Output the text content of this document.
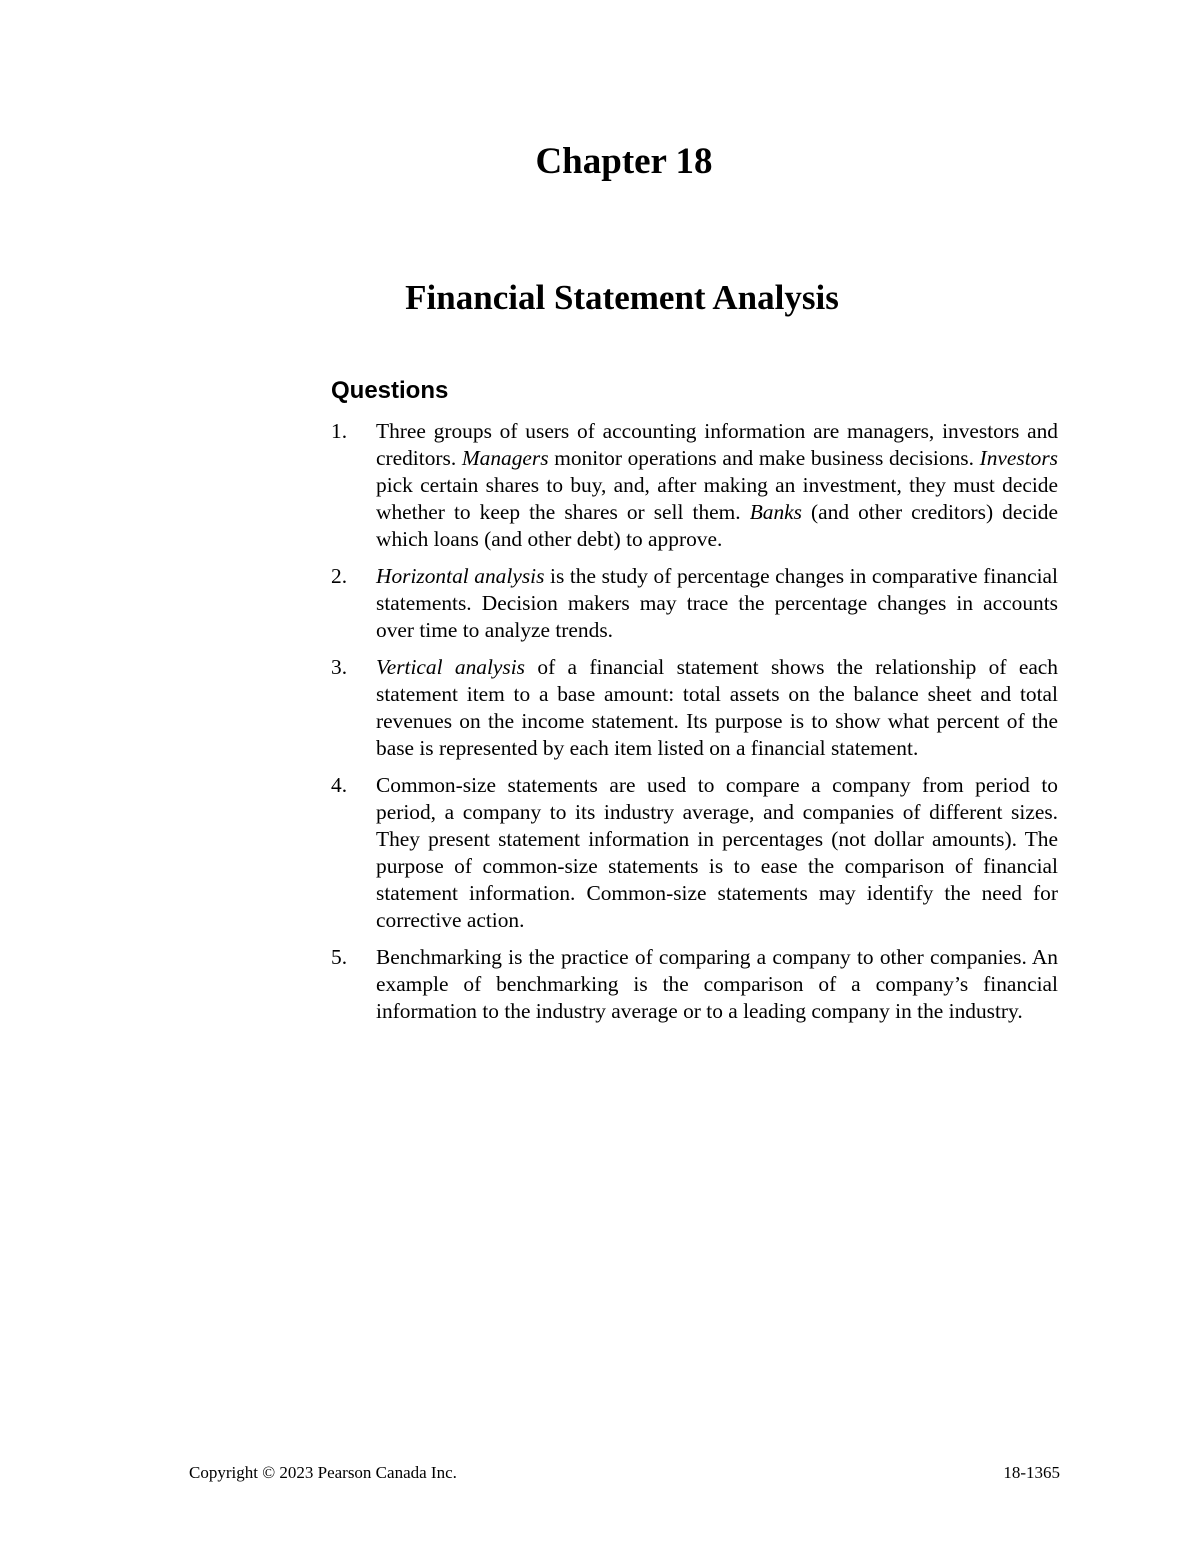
Chapter 18
Financial Statement Analysis
Questions
1. Three groups of users of accounting information are managers, investors and creditors. Managers monitor operations and make business decisions. Investors pick certain shares to buy, and, after making an investment, they must decide whether to keep the shares or sell them. Banks (and other creditors) decide which loans (and other debt) to approve.
2. Horizontal analysis is the study of percentage changes in comparative financial statements. Decision makers may trace the percentage changes in accounts over time to analyze trends.
3. Vertical analysis of a financial statement shows the relationship of each statement item to a base amount: total assets on the balance sheet and total revenues on the income statement. Its purpose is to show what percent of the base is represented by each item listed on a financial statement.
4. Common-size statements are used to compare a company from period to period, a company to its industry average, and companies of different sizes. They present statement information in percentages (not dollar amounts). The purpose of common-size statements is to ease the comparison of financial statement information. Common-size statements may identify the need for corrective action.
5. Benchmarking is the practice of comparing a company to other companies. An example of benchmarking is the comparison of a company’s financial information to the industry average or to a leading company in the industry.
Copyright © 2023 Pearson Canada Inc.	18-1365
